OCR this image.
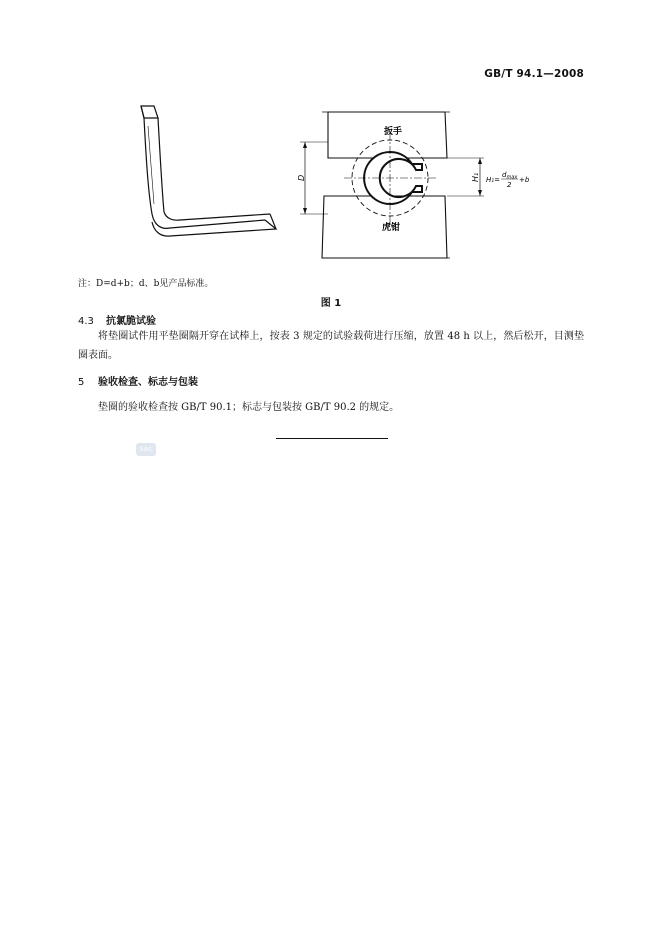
GB/T 94.1—2008
扳手
虎钳
D	H₁ H₁=
$d_{max}$
2
+b
注：D=d+b；d、b见产品标准。
图 1
4.3 抗氯脆试验
将垫圈试件用平垫圈隔开穿在试棒上，按表 3 规定的试验载荷进行压缩，放置 48 h 以上，然后松开，目测垫圈表面。
5 验收检查、标志与包装
垫圈的验收检查按 GB/T 90.1；标志与包装按 GB/T 90.2 的规定。
SAC
